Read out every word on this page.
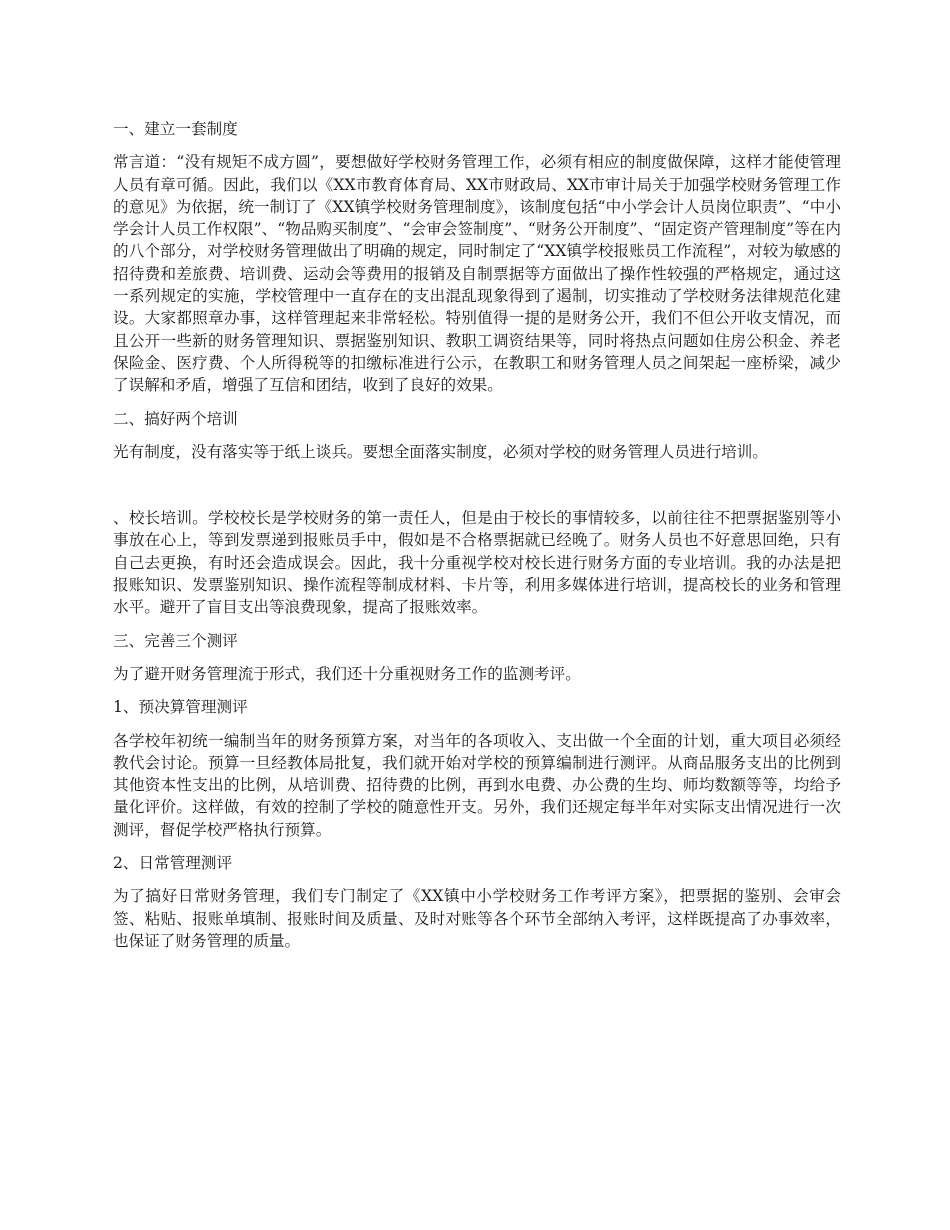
一、建立一套制度

常言道：“没有规矩不成方圆”，要想做好学校财务管理工作，必须有相应的制度做保障，这样才能使管理人员有章可循。因此，我们以《XX市教育体育局、XX市财政局、XX市审计局关于加强学校财务管理工作的意见》为依据，统一制订了《XX镇学校财务管理制度》，该制度包括“中小学会计人员岗位职责”、“中小学会计人员工作权限”、“物品购买制度”、“会审会签制度”、“财务公开制度”、“固定资产管理制度”等在内的八个部分，对学校财务管理做出了明确的规定，同时制定了“XX镇学校报账员工作流程”，对较为敏感的招待费和差旅费、培训费、运动会等费用的报销及自制票据等方面做出了操作性较强的严格规定，通过这一系列规定的实施，学校管理中一直存在的支出混乱现象得到了遏制，切实推动了学校财务法律规范化建设。大家都照章办事，这样管理起来非常轻松。特别值得一提的是财务公开，我们不但公开收支情况，而且公开一些新的财务管理知识、票据鉴别知识、教职工调资结果等，同时将热点问题如住房公积金、养老保险金、医疗费、个人所得税等的扣缴标准进行公示，在教职工和财务管理人员之间架起一座桥梁，减少了误解和矛盾，增强了互信和团结，收到了良好的效果。

二、搞好两个培训

光有制度，没有落实等于纸上谈兵。要想全面落实制度，必须对学校的财务管理人员进行培训。

、校长培训。学校校长是学校财务的第一责任人，但是由于校长的事情较多，以前往往不把票据鉴别等小事放在心上，等到发票递到报账员手中，假如是不合格票据就已经晚了。财务人员也不好意思回绝，只有自己去更换，有时还会造成误会。因此，我十分重视学校对校长进行财务方面的专业培训。我的办法是把报账知识、发票鉴别知识、操作流程等制成材料、卡片等，利用多媒体进行培训，提高校长的业务和管理水平。避开了盲目支出等浪费现象，提高了报账效率。

三、完善三个测评

为了避开财务管理流于形式，我们还十分重视财务工作的监测考评。

1、预决算管理测评

各学校年初统一编制当年的财务预算方案，对当年的各项收入、支出做一个全面的计划，重大项目必须经教代会讨论。预算一旦经教体局批复，我们就开始对学校的预算编制进行测评。从商品服务支出的比例到其他资本性支出的比例，从培训费、招待费的比例，再到水电费、办公费的生均、师均数额等等，均给予量化评价。这样做，有效的控制了学校的随意性开支。另外，我们还规定每半年对实际支出情况进行一次测评，督促学校严格执行预算。

2、日常管理测评

为了搞好日常财务管理，我们专门制定了《XX镇中小学校财务工作考评方案》，把票据的鉴别、会审会签、粘贴、报账单填制、报账时间及质量、及时对账等各个环节全部纳入考评，这样既提高了办事效率，也保证了财务管理的质量。
